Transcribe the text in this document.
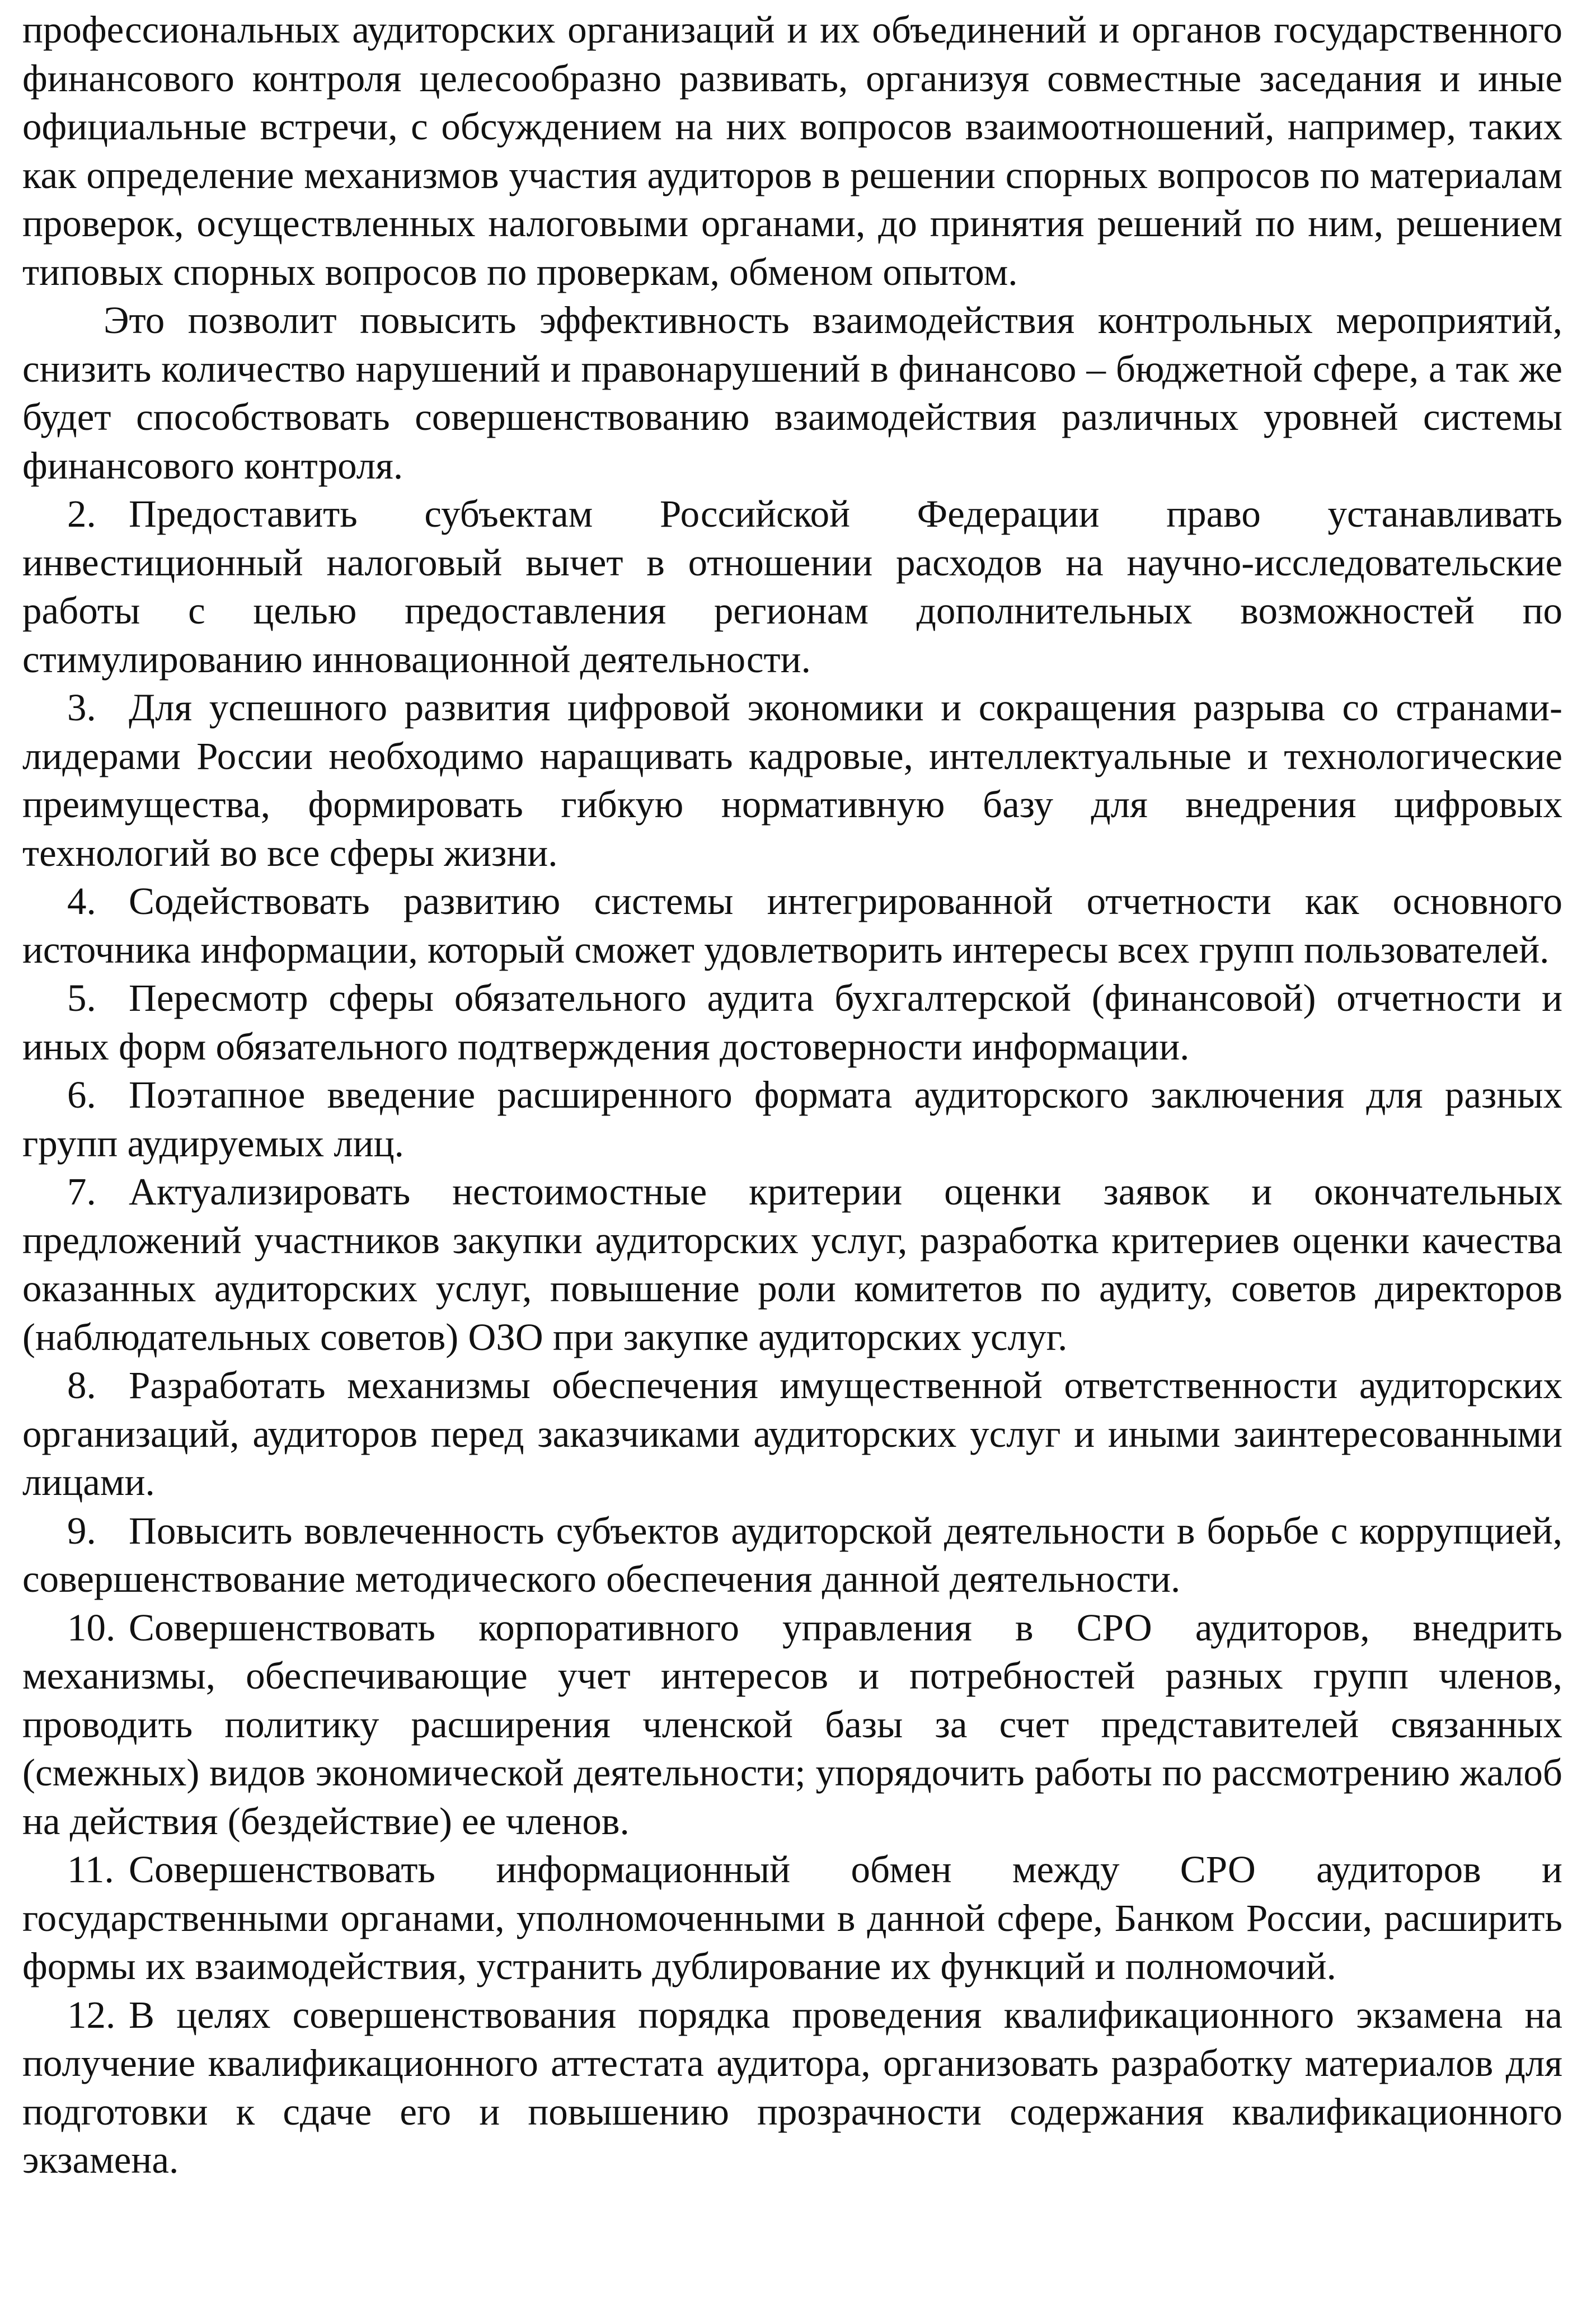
профессиональных аудиторских организаций и их объединений и органов государственного финансового контроля целесообразно развивать, организуя совместные заседания и иные официальные встречи, с обсуждением на них вопросов взаимоотношений, например, таких как определение механизмов участия аудиторов в решении спорных вопросов по материалам проверок, осуществленных налоговыми органами, до принятия решений по ним, решением типовых спорных вопросов по проверкам, обменом опытом.

Это позволит повысить эффективность взаимодействия контрольных мероприятий, снизить количество нарушений и правонарушений в финансово – бюджетной сфере, а так же будет способствовать совершенствованию взаимодействия различных уровней системы финансового контроля.

2. Предоставить субъектам Российской Федерации право устанавливать инвестиционный налоговый вычет в отношении расходов на научно-исследовательские работы с целью предоставления регионам дополнительных возможностей по стимулированию инновационной деятельности.

3. Для успешного развития цифровой экономики и сокращения разрыва со странами-лидерами России необходимо наращивать кадровые, интеллектуальные и технологические преимущества, формировать гибкую нормативную базу для внедрения цифровых технологий во все сферы жизни.

4. Содействовать развитию системы интегрированной отчетности как основного источника информации, который сможет удовлетворить интересы всех групп пользователей.

5. Пересмотр сферы обязательного аудита бухгалтерской (финансовой) отчетности и иных форм обязательного подтверждения достоверности информации.

6. Поэтапное введение расширенного формата аудиторского заключения для разных групп аудируемых лиц.

7. Актуализировать нестоимостные критерии оценки заявок и окончательных предложений участников закупки аудиторских услуг, разработка критериев оценки качества оказанных аудиторских услуг, повышение роли комитетов по аудиту, советов директоров (наблюдательных советов) ОЗО при закупке аудиторских услуг.

8. Разработать механизмы обеспечения имущественной ответственности аудиторских организаций, аудиторов перед заказчиками аудиторских услуг и иными заинтересованными лицами.

9. Повысить вовлеченность субъектов аудиторской деятельности в борьбе с коррупцией, совершенствование методического обеспечения данной деятельности.

10. Совершенствовать корпоративного управления в СРО аудиторов, внедрить механизмы, обеспечивающие учет интересов и потребностей разных групп членов, проводить политику расширения членской базы за счет представителей связанных (смежных) видов экономической деятельности; упорядочить работы по рассмотрению жалоб на действия (бездействие) ее членов.

11. Совершенствовать информационный обмен между СРО аудиторов и государственными органами, уполномоченными в данной сфере, Банком России, расширить формы их взаимодействия, устранить дублирование их функций и полномочий.

12. В целях совершенствования порядка проведения квалификационного экзамена на получение квалификационного аттестата аудитора, организовать разработку материалов для подготовки к сдаче его и повышению прозрачности содержания квалификационного экзамена.
